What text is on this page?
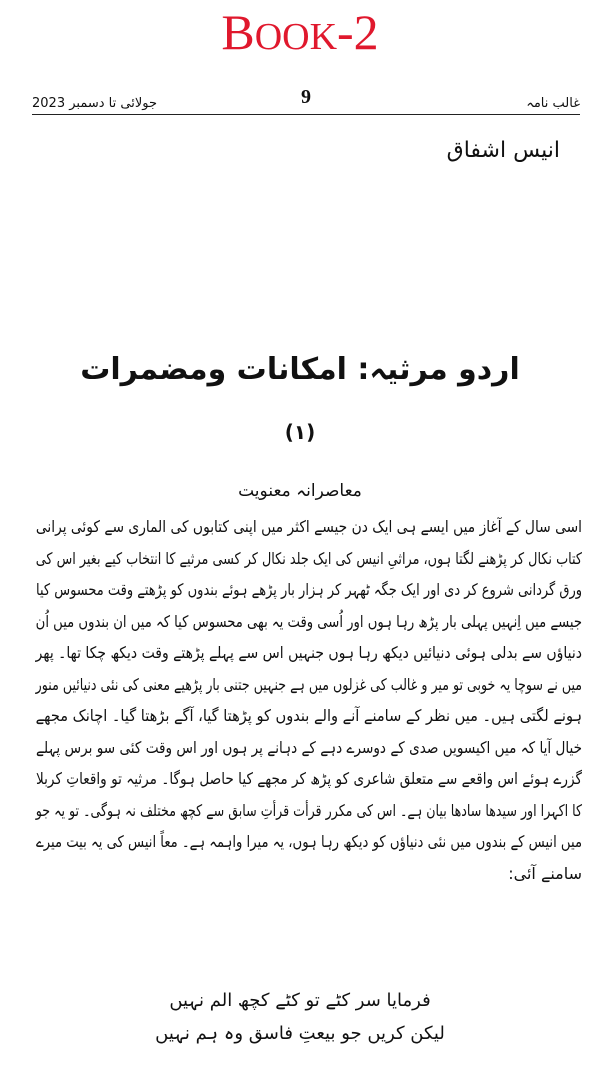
BOOK-2
جولائی تا دسمبر 2023	9	غالب نامہ
انیس اشفاق
اردو مرثیہ: امکانات ومضمرات
(۱)
معاصرانہ معنویت
اسی سال کے آغاز میں ایسے ہی ایک دن جیسے اکثر میں اپنی کتابوں کی الماری سے کوئی پرانی
کتاب نکال کر پڑھنے لگتا ہوں، مراثیِ انیس کی ایک جلد نکال کر کسی مرثیے کا انتخاب کیے بغیر اس کی
ورق گردانی شروع کر دی اور ایک جگہ ٹھہر کر ہزار بار پڑھے ہوئے بندوں کو پڑھتے وقت محسوس کیا
جیسے میں اِنہیں پہلی بار پڑھ رہا ہوں اور اُسی وقت یہ بھی محسوس کیا کہ میں ان بندوں میں اُن
دنیاؤں سے بدلی ہوئی دنیائیں دیکھ رہا ہوں جنہیں اس سے پہلے پڑھتے وقت دیکھ چکا تھا۔ پھر
میں نے سوچا یہ خوبی تو میر و غالب کی غزلوں میں ہے جنہیں جتنی بار پڑھیے معنی کی نئی دنیائیں منور
ہونے لگتی ہیں۔ میں نظر کے سامنے آنے والے بندوں کو پڑھتا گیا، آگے بڑھتا گیا۔ اچانک مجھے
خیال آیا کہ میں اکیسویں صدی کے دوسرے دہے کے دہانے پر ہوں اور اس وقت کئی سو برس پہلے
گزرے ہوئے اس واقعے سے متعلق شاعری کو پڑھ کر مجھے کیا حاصل ہوگا۔ مرثیہ تو واقعاتِ کربلا
کا اکہرا اور سیدھا سادھا بیان ہے۔ اس کی مکرر قرأت قرأتِ سابق سے کچھ مختلف نہ ہوگی۔ تو یہ جو
میں انیس کے بندوں میں نئی دنیاؤں کو دیکھ رہا ہوں، یہ میرا واہمہ ہے۔ معاً انیس کی یہ بیت میرے
سامنے آئی:
فرمایا سر کٹے تو کٹے کچھ الم نہیں
لیکن کریں جو بیعتِ فاسق وہ ہم نہیں
